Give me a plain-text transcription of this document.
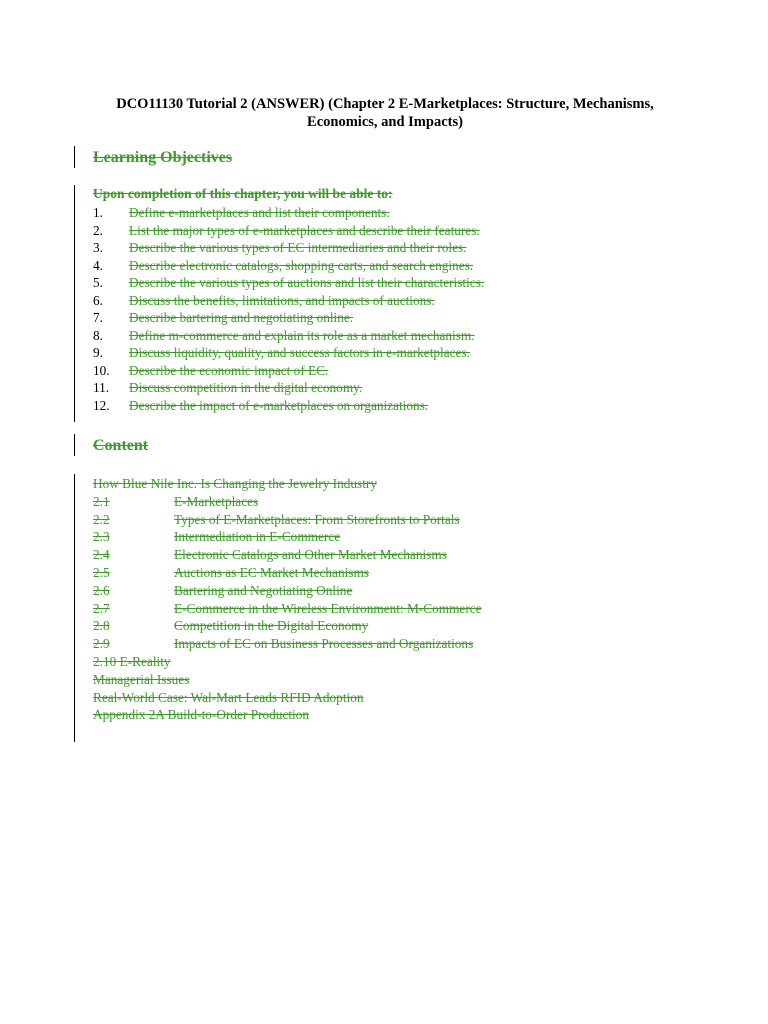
DCO11130 Tutorial 2 (ANSWER) (Chapter 2 E-Marketplaces: Structure, Mechanisms, Economics, and Impacts)
Learning Objectives
Upon completion of this chapter, you will be able to:
1.	Define e-marketplaces and list their components.
2.	List the major types of e-marketplaces and describe their features.
3.	Describe the various types of EC intermediaries and their roles.
4.	Describe electronic catalogs, shopping carts, and search engines.
5.	Describe the various types of auctions and list their characteristics.
6.	Discuss the benefits, limitations, and impacts of auctions.
7.	Describe bartering and negotiating online.
8.	Define m-commerce and explain its role as a market mechanism.
9.	Discuss liquidity, quality, and success factors in e-marketplaces.
10.	Describe the economic impact of EC.
11.	Discuss competition in the digital economy.
12.	Describe the impact of e-marketplaces on organizations.
Content
How Blue Nile Inc. Is Changing the Jewelry Industry
2.1	E-Marketplaces
2.2	Types of E-Marketplaces: From Storefronts to Portals
2.3	Intermediation in E-Commerce
2.4	Electronic Catalogs and Other Market Mechanisms
2.5	Auctions as EC Market Mechanisms
2.6	Bartering and Negotiating Online
2.7	E-Commerce in the Wireless Environment: M-Commerce
2.8	Competition in the Digital Economy
2.9	Impacts of EC on Business Processes and Organizations
2.10 E-Reality
Managerial Issues
Real-World Case: Wal-Mart Leads RFID Adoption
Appendix 2A Build-to-Order Production
